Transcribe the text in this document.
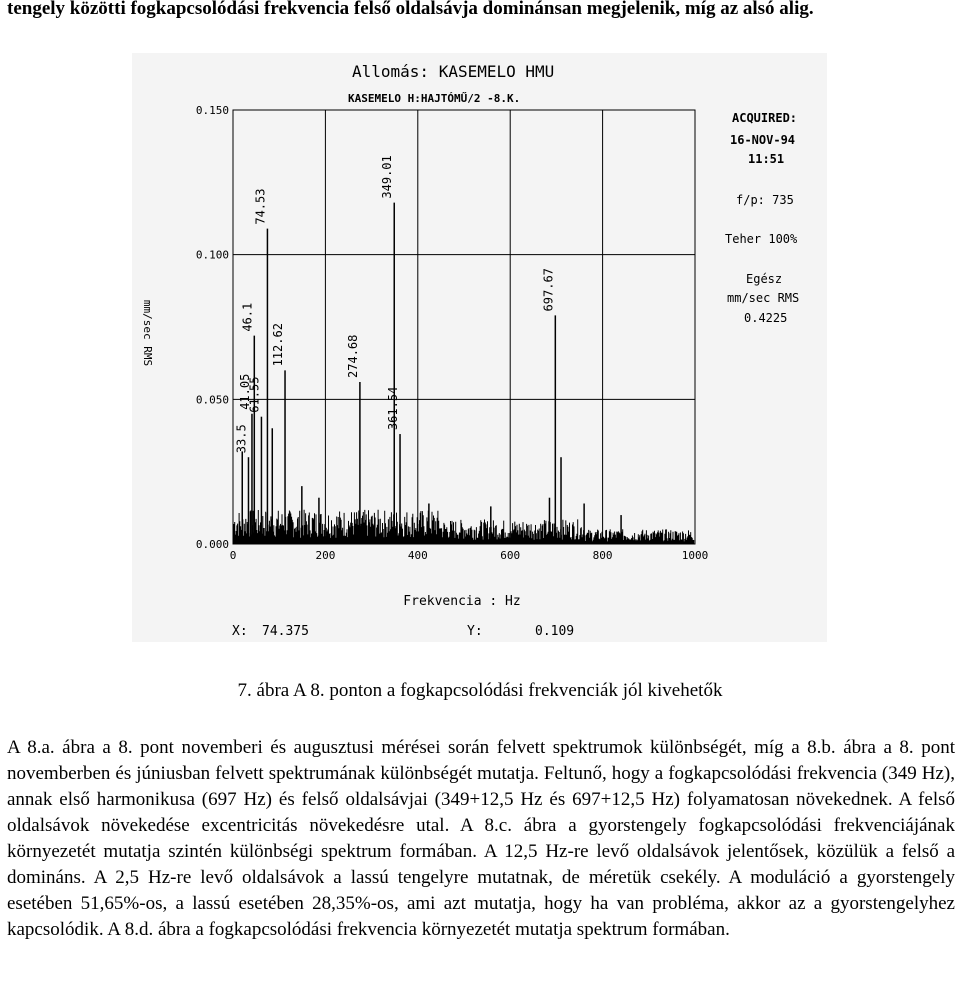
tengely közötti fogkapcsolódási frekvencia felső oldalsávja dominánsan megjelenik, míg az alsó alig.
Allomás: KASEMELO HMU
KASEMELO H:HAJTÓMŰ/2 -8.K.
ACQUIRED:
16-NOV-94
11:51
f/p: 735
Teher 100%
Egész
mm/sec RMS
0.4225
mm/sec RMS
Frekvencia : Hz
X: 74.375	Y:	0.109
0.000
0.050
0.100
0.150
0	200	400	600	800	1000
33.5
41.05
46.1
61.55
74.53
112.62	274.68
349.01
361.54
697.67
7. ábra A 8. ponton a fogkapcsolódási frekvenciák jól kivehetők

A 8.a. ábra a 8. pont novemberi és augusztusi mérései során felvett spektrumok különbségét, míg a 8.b. ábra a 8. pont novemberben és júniusban felvett spektrumának különbségét mutatja. Feltunő, hogy a fogkapcsolódási frekvencia (349 Hz), annak első harmonikusa (697 Hz) és felső oldalsávjai (349+12,5 Hz és 697+12,5 Hz) folyamatosan növekednek. A felső oldalsávok növekedése excentricitás növekedésre utal. A 8.c. ábra a gyorstengely fogkapcsolódási frekvenciájának környezetét mutatja szintén különbségi spektrum formában. A 12,5 Hz-re levő oldalsávok jelentősek, közülük a felső a domináns. A 2,5 Hz-re levő oldalsávok a lassú tengelyre mutatnak, de méretük csekély. A moduláció a gyorstengely esetében 51,65%-os, a lassú esetében 28,35%-os, ami azt mutatja, hogy ha van probléma, akkor az a gyorstengelyhez kapcsolódik. A 8.d. ábra a fogkapcsolódási frekvencia környezetét mutatja spektrum formában.
